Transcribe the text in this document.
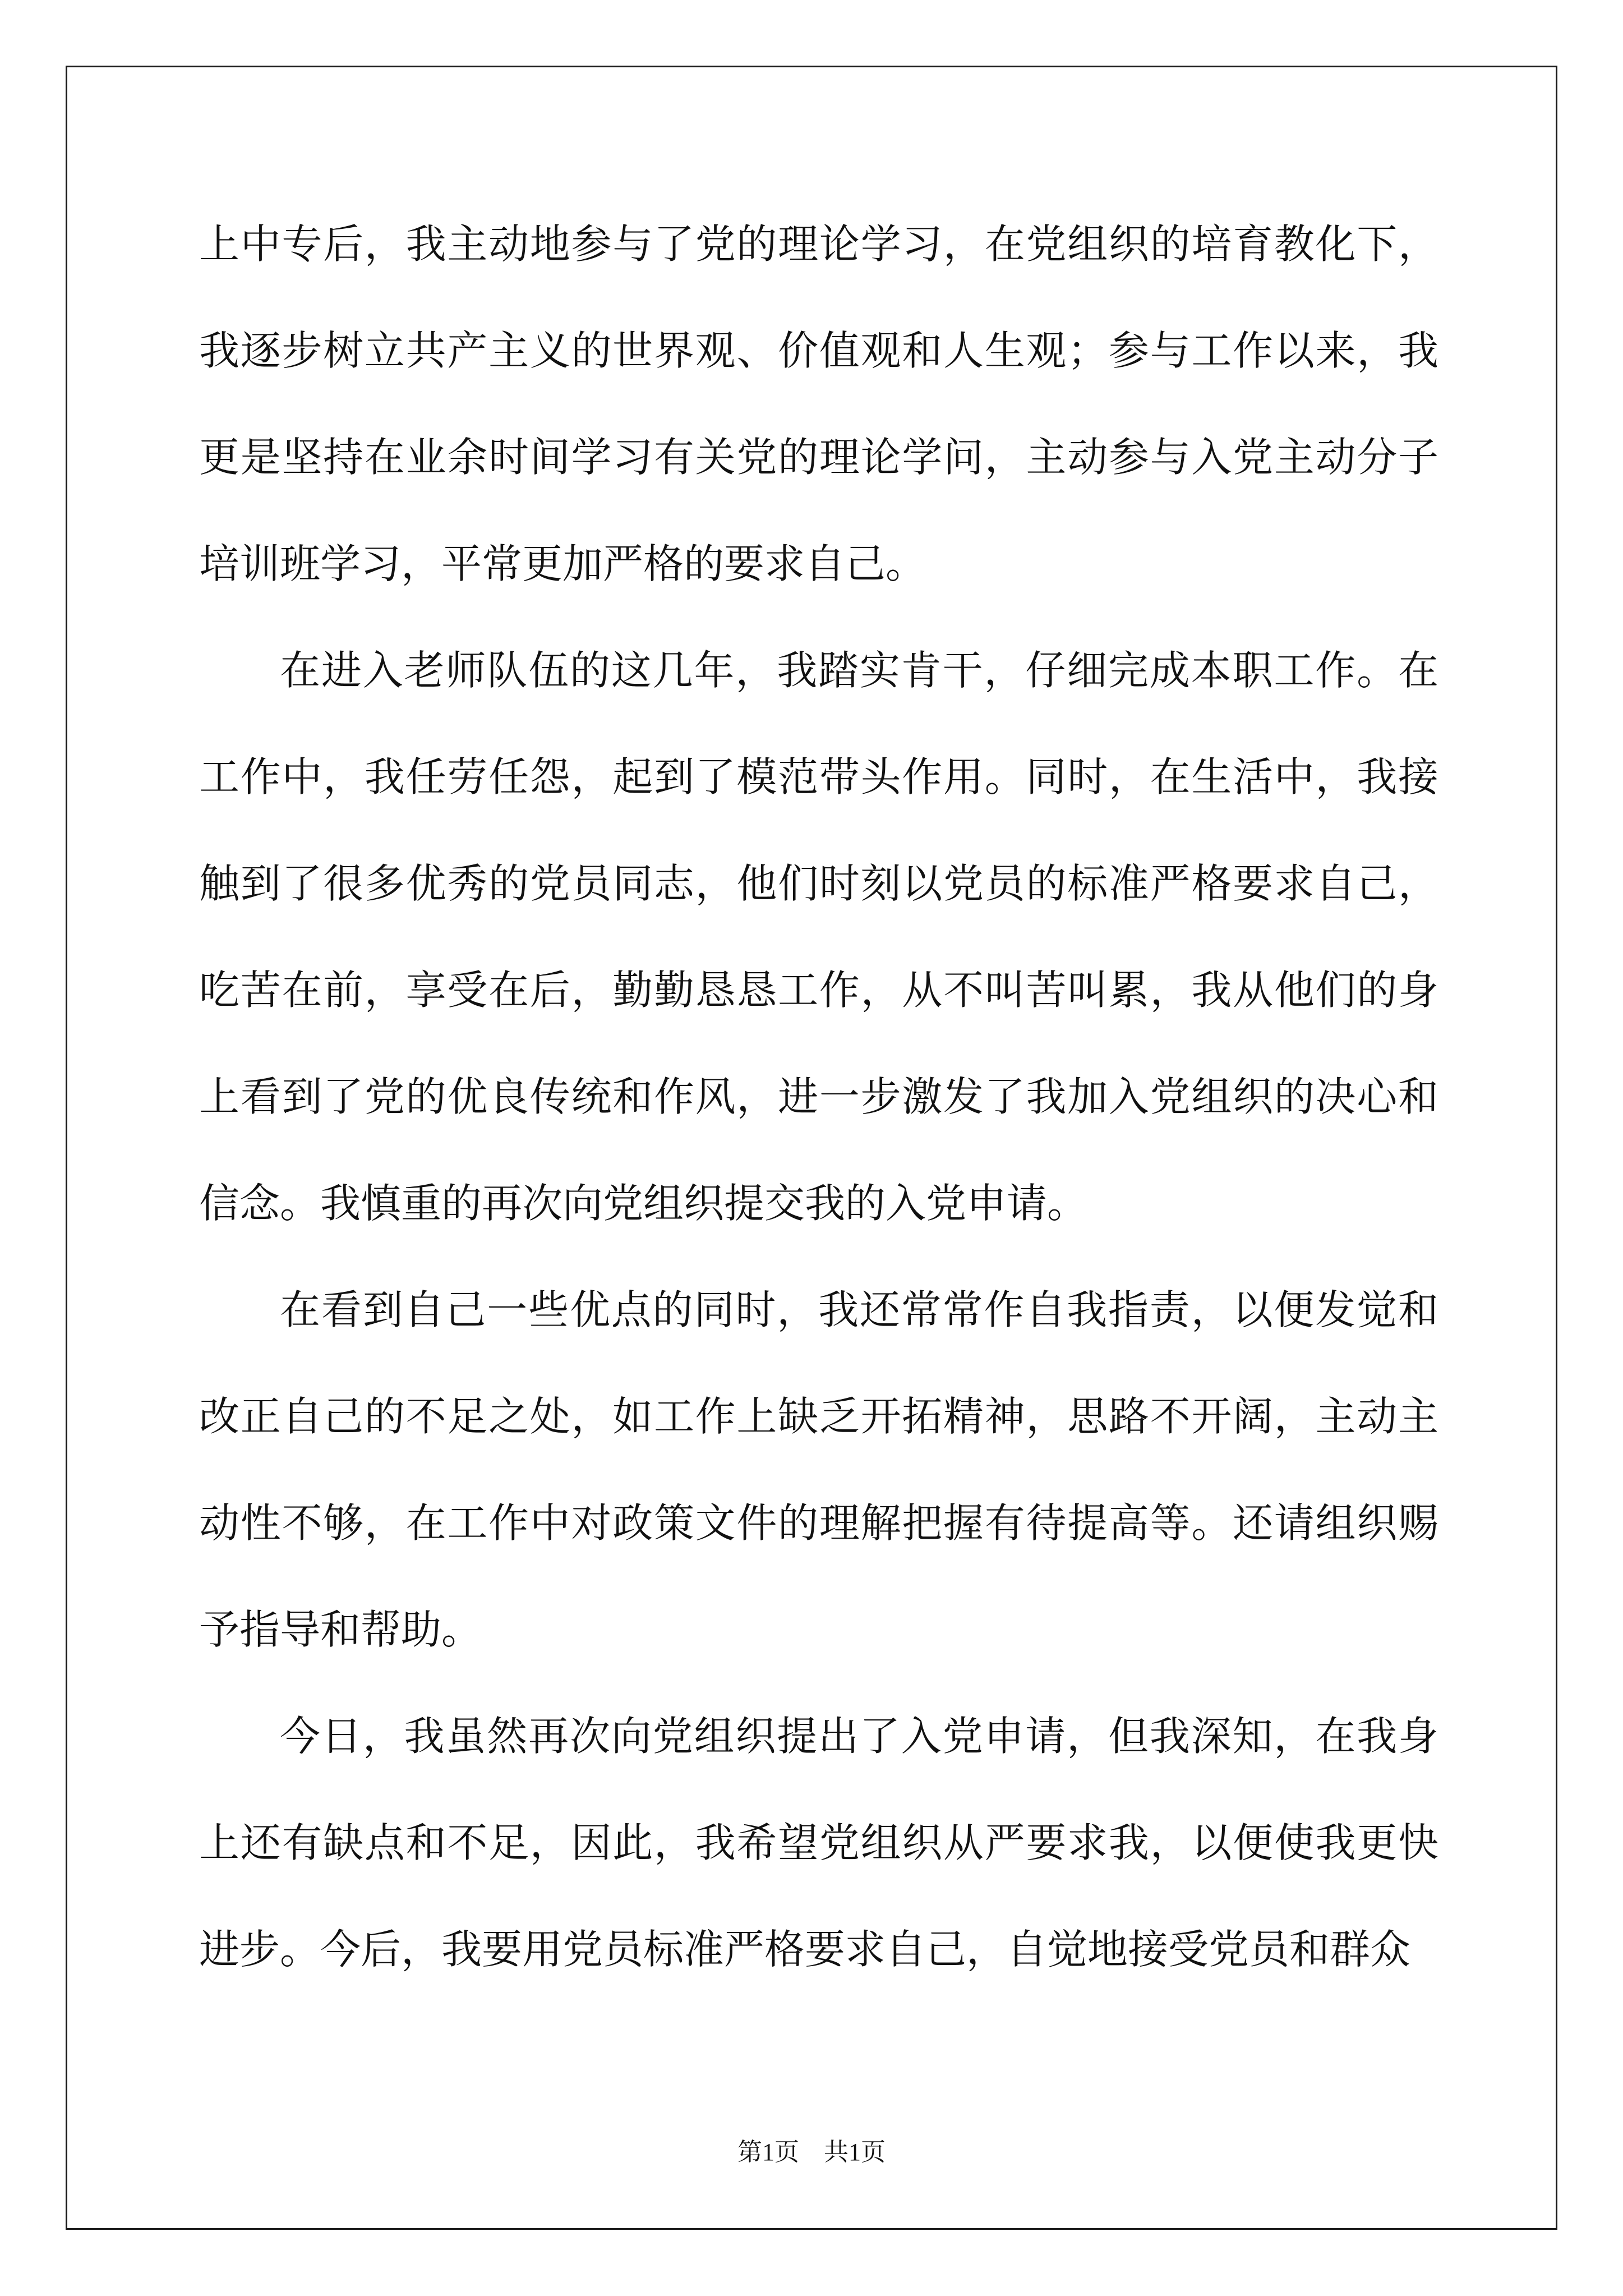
上中专后，我主动地参与了党的理论学习，在党组织的培育教化下，我逐步树立共产主义的世界观、价值观和人生观；参与工作以来，我更是坚持在业余时间学习有关党的理论学问，主动参与入党主动分子培训班学习，平常更加严格的要求自己。

在进入老师队伍的这几年，我踏实肯干，仔细完成本职工作。在工作中，我任劳任怨，起到了模范带头作用。同时，在生活中，我接触到了很多优秀的党员同志，他们时刻以党员的标准严格要求自己，吃苦在前，享受在后，勤勤恳恳工作，从不叫苦叫累，我从他们的身上看到了党的优良传统和作风，进一步激发了我加入党组织的决心和信念。我慎重的再次向党组织提交我的入党申请。

在看到自己一些优点的同时，我还常常作自我指责，以便发觉和改正自己的不足之处，如工作上缺乏开拓精神，思路不开阔，主动主动性不够，在工作中对政策文件的理解把握有待提高等。还请组织赐予指导和帮助。

今日，我虽然再次向党组织提出了入党申请，但我深知，在我身上还有缺点和不足，因此，我希望党组织从严要求我，以便使我更快进步。今后，我要用党员标准严格要求自己，自觉地接受党员和群众

第1页　共1页
